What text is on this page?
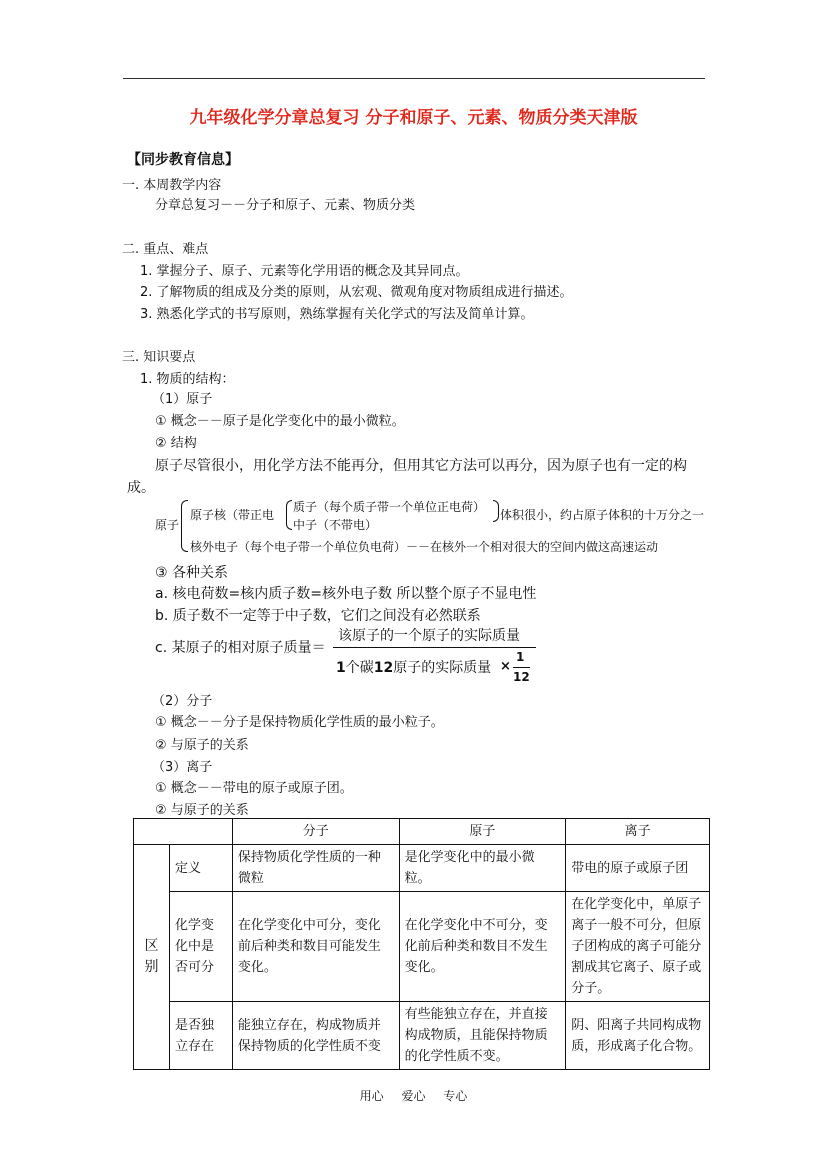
九年级化学分章总复习 分子和原子、元素、物质分类天津版
【同步教育信息】
一. 本周教学内容
分章总复习－－分子和原子、元素、物质分类
二. 重点、难点
1. 掌握分子、原子、元素等化学用语的概念及其异同点。
2. 了解物质的组成及分类的原则，从宏观、微观角度对物质组成进行描述。
3. 熟悉化学式的书写原则，熟练掌握有关化学式的写法及简单计算。
三. 知识要点
1. 物质的结构：
（1）原子
① 概念－－原子是化学变化中的最小微粒。
② 结构
原子尽管很小，用化学方法不能再分，但用其它方法可以再分，因为原子也有一定的构
成。
原子
原子核（带正电
质子（每个质子带一个单位正电荷）
中子（不带电）
体积很小，约占原子体积的十万分之一
核外电子（每个电子带一个单位负电荷）－－在核外一个相对很大的空间内做这高速运动
③ 各种关系
a. 核电荷数=核内质子数=核外电子数 所以整个原子不显电性
b. 质子数不一定等于中子数，它们之间没有必然联系
c. 某原子的相对原子质量＝
该原子的一个原子的实际质量
1个碳12原子的实际质量 ×
1
12
（2）分子
① 概念－－分子是保持物质化学性质的最小粒子。
② 与原子的关系
（3）离子
① 概念－－带电的原子或原子团。
② 与原子的关系
		分子	原子	离子
区别	定义	保持物质化学性质的一种微粒	是化学变化中的最小微粒。	带电的原子或原子团
	化学变化中是否可分	在化学变化中可分，变化前后种类和数目可能发生变化。	在化学变化中不可分，变化前后种类和数目不发生变化。	在化学变化中，单原子离子一般不可分，但原子团构成的离子可能分割成其它离子、原子或分子。
	是否独立存在	能独立存在，构成物质并保持物质的化学性质不变	有些能独立存在，并直接构成物质，且能保持物质的化学性质不变。	阴、阳离子共同构成物质，形成离子化合物。
用心 爱心 专心
